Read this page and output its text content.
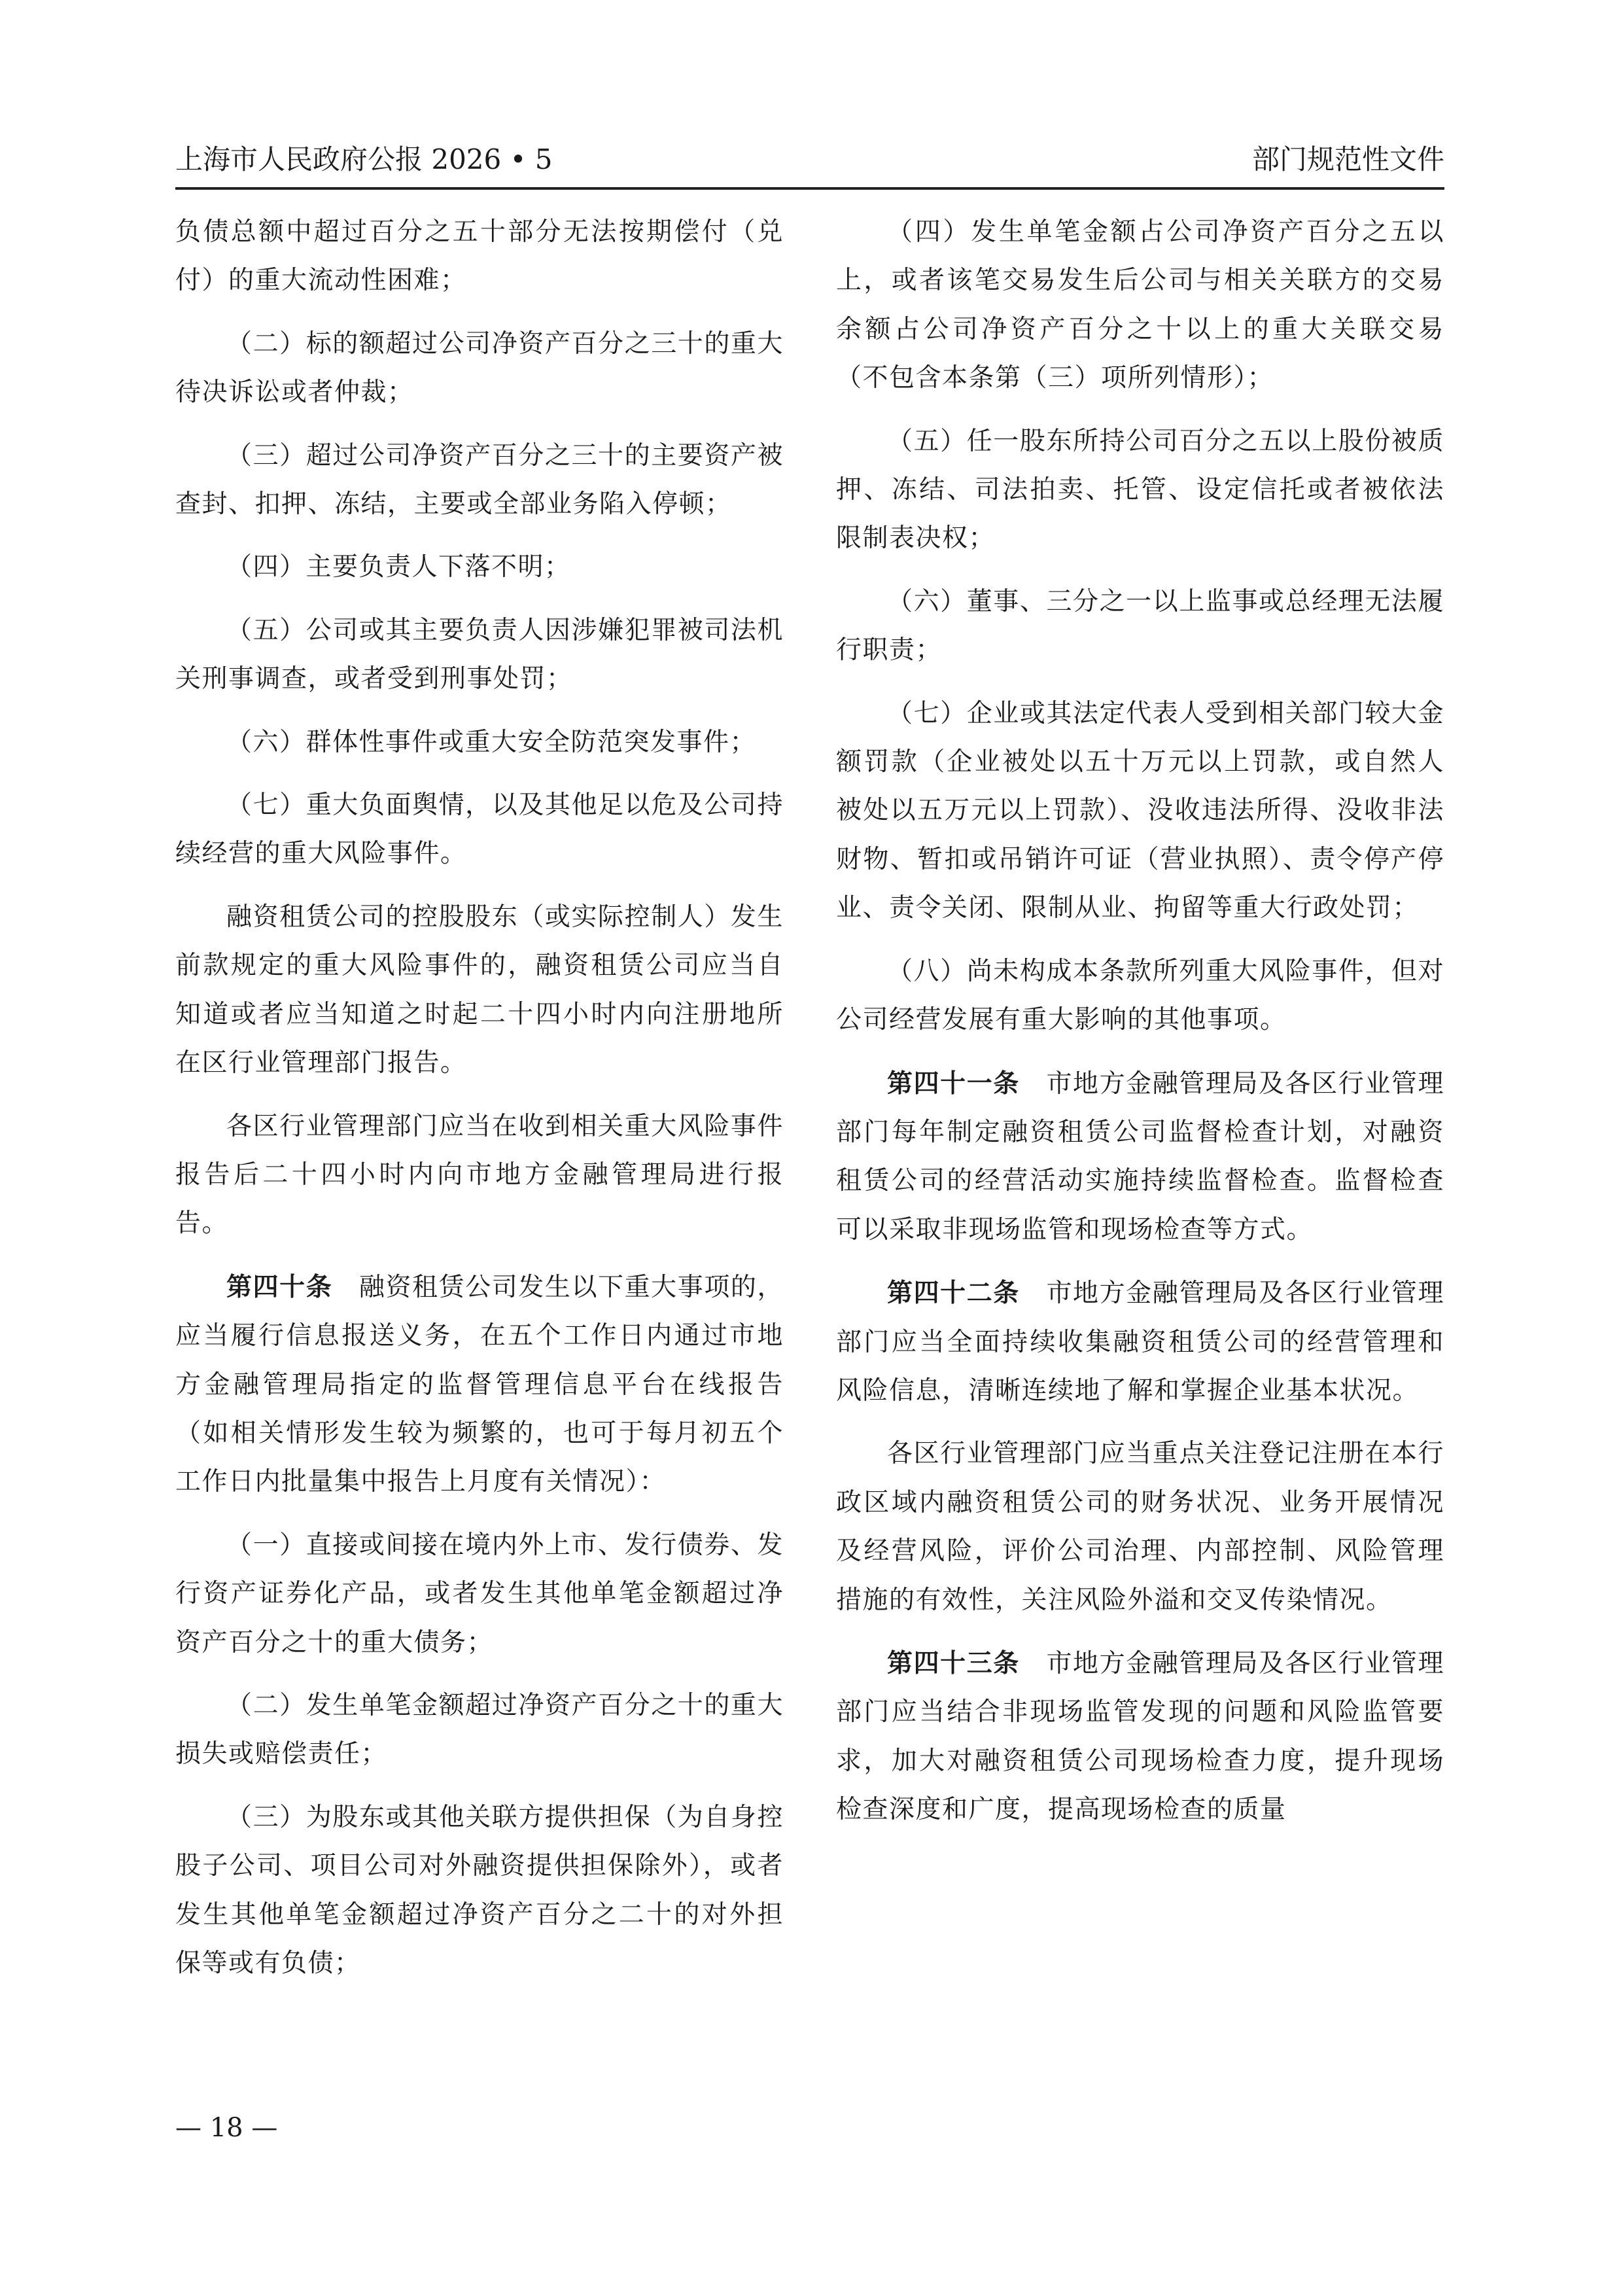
上海市人民政府公报 2026 • 5	部门规范性文件

负债总额中超过百分之五十部分无法按期偿付（兑付）的重大流动性困难；

（二）标的额超过公司净资产百分之三十的重大待决诉讼或者仲裁；

（三）超过公司净资产百分之三十的主要资产被查封、扣押、冻结，主要或全部业务陷入停顿；

（四）主要负责人下落不明；

（五）公司或其主要负责人因涉嫌犯罪被司法机关刑事调查，或者受到刑事处罚；

（六）群体性事件或重大安全防范突发事件；

（七）重大负面舆情，以及其他足以危及公司持续经营的重大风险事件。

融资租赁公司的控股股东（或实际控制人）发生前款规定的重大风险事件的，融资租赁公司应当自知道或者应当知道之时起二十四小时内向注册地所在区行业管理部门报告。

各区行业管理部门应当在收到相关重大风险事件报告后二十四小时内向市地方金融管理局进行报告。

第四十条　 融资租赁公司发生以下重大事项的，应当履行信息报送义务，在五个工作日内通过市地方金融管理局指定的监督管理信息平台在线报告（如相关情形发生较为频繁的，也可于每月初五个工作日内批量集中报告上月度有关情况）：

（一）直接或间接在境内外上市、发行债券、发行资产证券化产品，或者发生其他单笔金额超过净资产百分之十的重大债务；

（二）发生单笔金额超过净资产百分之十的重大损失或赔偿责任；

（三）为股东或其他关联方提供担保（为自身控股子公司、项目公司对外融资提供担保除外），或者发生其他单笔金额超过净资产百分之二十的对外担保等或有负债；

（四）发生单笔金额占公司净资产百分之五以上，或者该笔交易发生后公司与相关关联方的交易余额占公司净资产百分之十以上的重大关联交易（不包含本条第（三）项所列情形）；

（五）任一股东所持公司百分之五以上股份被质押、冻结、司法拍卖、托管、设定信托或者被依法限制表决权；

（六）董事、三分之一以上监事或总经理无法履行职责；

（七）企业或其法定代表人受到相关部门较大金额罚款（企业被处以五十万元以上罚款，或自然人被处以五万元以上罚款）、没收违法所得、没收非法财物、暂扣或吊销许可证（营业执照）、责令停产停业、责令关闭、限制从业、拘留等重大行政处罚；

（八）尚未构成本条款所列重大风险事件，但对公司经营发展有重大影响的其他事项。

第四十一条　 市地方金融管理局及各区行业管理部门每年制定融资租赁公司监督检查计划，对融资租赁公司的经营活动实施持续监督检查。监督检查可以采取非现场监管和现场检查等方式。

第四十二条　 市地方金融管理局及各区行业管理部门应当全面持续收集融资租赁公司的经营管理和风险信息，清晰连续地了解和掌握企业基本状况。

各区行业管理部门应当重点关注登记注册在本行政区域内融资租赁公司的财务状况、业务开展情况及经营风险，评价公司治理、内部控制、风险管理措施的有效性，关注风险外溢和交叉传染情况。

第四十三条　 市地方金融管理局及各区行业管理部门应当结合非现场监管发现的问题和风险监管要求，加大对融资租赁公司现场检查力度，提升现场检查深度和广度，提高现场检查的质量

— 18 —
